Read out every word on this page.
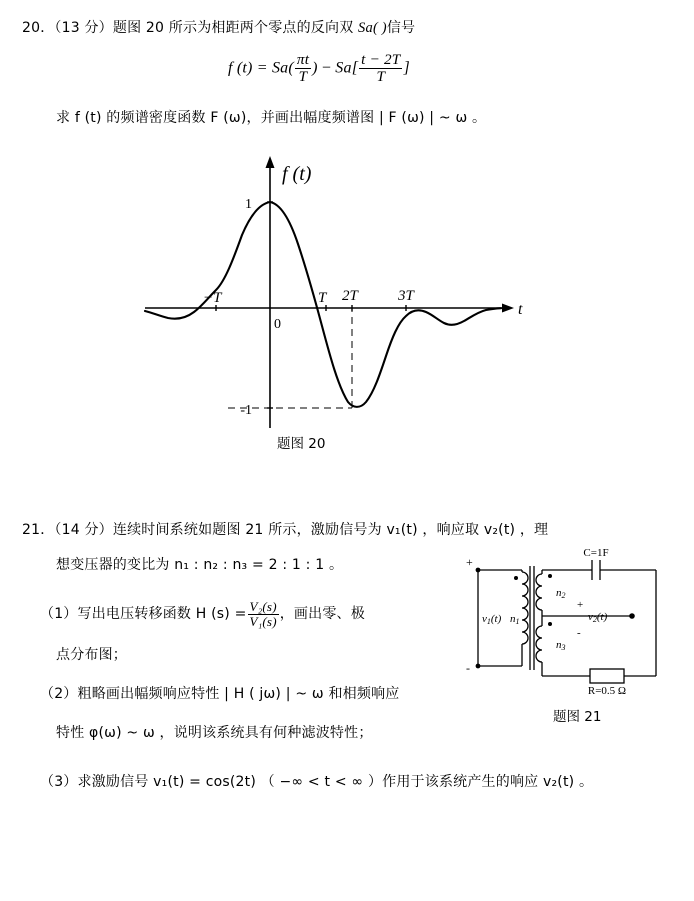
20．（13 分）题图 20 所示为相距两个零点的反向双 Sa( )信号
f $(t) = Sa( \frac{\pi t}{T}$ ) − $Sa[ \frac{t - 2T}{T}$ ]
求 f (t) 的频谱密度函数 F (ω)，并画出幅度频谱图 | F (ω) | ~ ω 。
f (t)
t
0
1
-1
−T	T 2T	3T
题图 20
21．（14 分）连续时间系统如题图 21 所示，激励信号为 v₁(t) ，响应取 v₂(t) ，理
想变压器的变比为 n₁ : n₂ : n₃ = 2 : 1 : 1 。
（1）写出电压转移函数 H $(s) = \frac{\text{V₂(s)}}{\text{V₁(s)}}$ ，画出零、极
点分布图；
（2）粗略画出幅频响应特性 | H ( jω) | ~ ω 和相频响应
特性 φ(ω) ~ ω ，说明该系统具有何种滤波特性；
（3）求激励信号 v₁(t) = cos(2t) （ −∞ < t < ∞ ）作用于该系统产生的响应 v₂(t) 。
C=1F
R=0.5 Ω
+
-
v1(t) n1
n2
n3
+
-
v2(t)
题图 21
